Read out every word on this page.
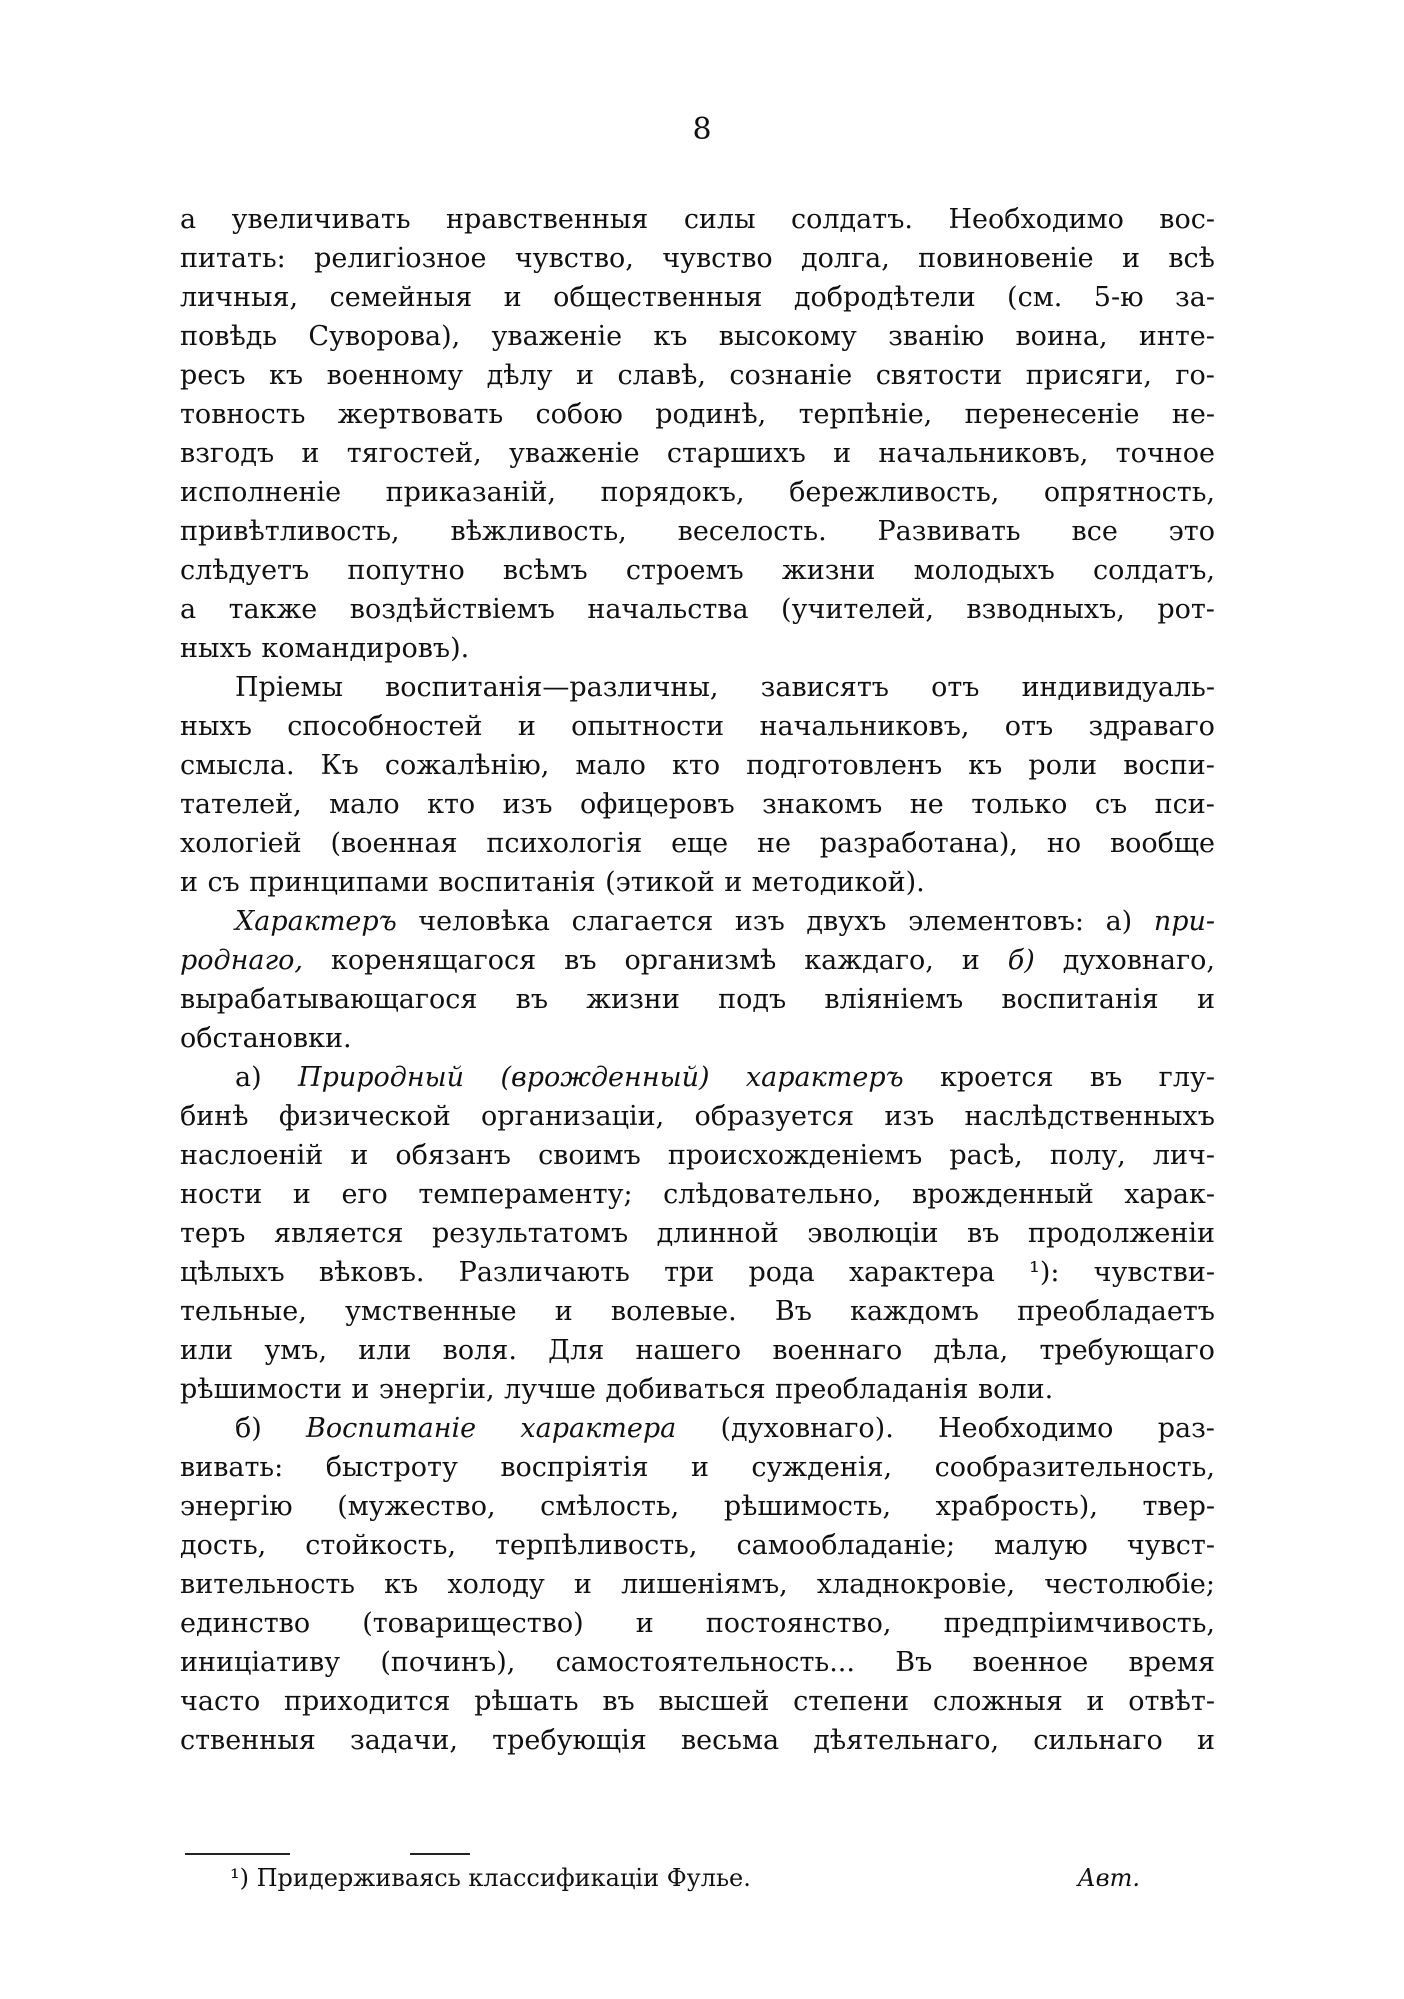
8
а увеличивать нравственныя силы солдатъ. Необходимо вос-
питать: религіозное чувство, чувство долга, повиновеніе и всѣ
личныя, семейныя и общественныя добродѣтели (см. 5-ю за-
повѣдь Суворова), уваженіе къ высокому званію воина, инте-
ресъ къ военному дѣлу и славѣ, сознаніе святости присяги, го-
товность жертвовать собою родинѣ, терпѣніе, перенесеніе не-
взгодъ и тягостей, уваженіе старшихъ и начальниковъ, точное
исполненіе приказаній, порядокъ, бережливость, опрятность,
привѣтливость, вѣжливость, веселость. Развивать все это
слѣдуетъ попутно всѣмъ строемъ жизни молодыхъ солдатъ,
а также воздѣйствіемъ начальства (учителей, взводныхъ, рот-
ныхъ командировъ).
Пріемы воспитанія—различны, зависятъ отъ индивидуаль-
ныхъ способностей и опытности начальниковъ, отъ здраваго
смысла. Къ сожалѣнію, мало кто подготовленъ къ роли воспи-
тателей, мало кто изъ офицеровъ знакомъ не только съ пси-
хологіей (военная психологія еще не разработана), но вообще
и съ принципами воспитанія (этикой и методикой).
Характеръ человѣка слагается изъ двухъ элементовъ: а) при-
роднаго, коренящагося въ организмѣ каждаго, и б) духовнаго,
вырабатывающагося въ жизни подъ вліяніемъ воспитанія и
обстановки.
а) Природный (врожденный) характеръ кроется въ глу-
бинѣ физической организаціи, образуется изъ наслѣдственныхъ
наслоеній и обязанъ своимъ происхожденіемъ расѣ, полу, лич-
ности и его темпераменту; слѣдовательно, врожденный харак-
теръ является результатомъ длинной эволюціи въ продолженіи
цѣлыхъ вѣковъ. Различають три рода характера ¹): чувстви-
тельные, умственные и волевые. Въ каждомъ преобладаетъ
или умъ, или воля. Для нашего военнаго дѣла, требующаго
рѣшимости и энергіи, лучше добиваться преобладанія воли.
б) Воспитаніе характера (духовнаго). Необходимо раз-
вивать: быстроту воспріятія и сужденія, сообразительность,
энергію (мужество, смѣлость, рѣшимость, храбрость), твер-
дость, стойкость, терпѣливость, самообладаніе; малую чувст-
вительность къ холоду и лишеніямъ, хладнокровіе, честолюбіе;
единство (товарищество) и постоянство, предпріимчивость,
иниціативу (починъ), самостоятельность... Въ военное время
часто приходится рѣшать въ высшей степени сложныя и отвѣт-
ственныя задачи, требующія весьма дѣятельнаго, сильнаго и
¹) Придерживаясь классификаціи Фулье.	Авт.
